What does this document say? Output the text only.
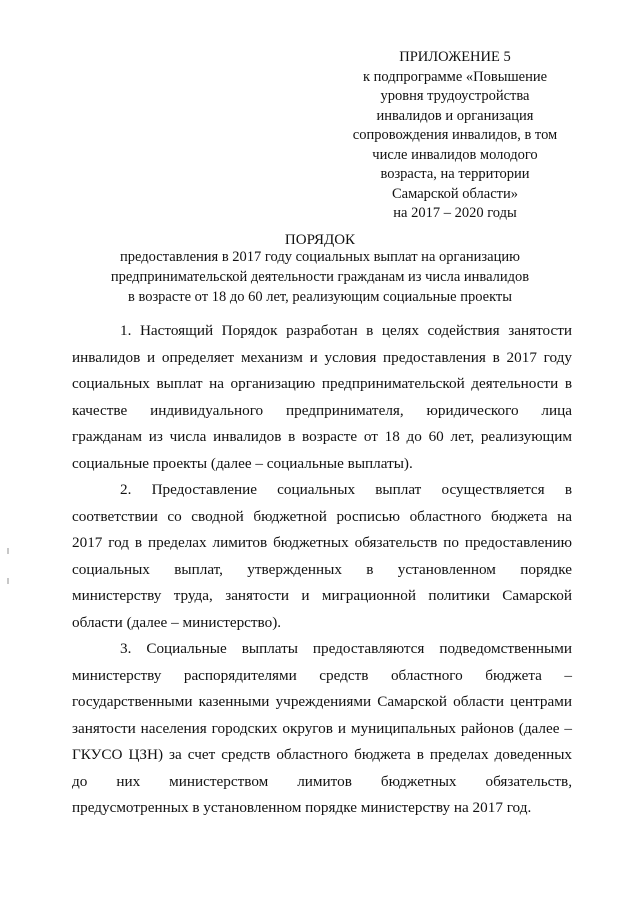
ПРИЛОЖЕНИЕ 5
к подпрограмме «Повышение
уровня трудоустройства
инвалидов и организация
сопровождения инвалидов, в том
числе инвалидов молодого
возраста, на территории
Самарской области»
на 2017 – 2020 годы
ПОРЯДОК
предоставления в 2017 году социальных выплат на организацию
предпринимательской деятельности гражданам из числа инвалидов
в возрасте от 18 до 60 лет, реализующим социальные проекты

1. Настоящий Порядок разработан в целях содействия занятости
инвалидов и определяет механизм и условия предоставления в 2017 году
социальных выплат на организацию предпринимательской деятельности в
качестве индивидуального предпринимателя, юридического лица
гражданам из числа инвалидов в возрасте от 18 до 60 лет, реализующим
социальные проекты (далее – социальные выплаты).

2. Предоставление социальных выплат осуществляется в
соответствии со сводной бюджетной росписью областного бюджета на
2017 год в пределах лимитов бюджетных обязательств по предоставлению
социальных выплат, утвержденных в установленном порядке
министерству труда, занятости и миграционной политики Самарской
области (далее – министерство).

3. Социальные выплаты предоставляются подведомственными
министерству распорядителями средств областного бюджета –
государственными казенными учреждениями Самарской области центрами
занятости населения городских округов и муниципальных районов (далее –
ГКУСО ЦЗН) за счет средств областного бюджета в пределах доведенных
до них министерством лимитов бюджетных обязательств,
предусмотренных в установленном порядке министерству на 2017 год.
